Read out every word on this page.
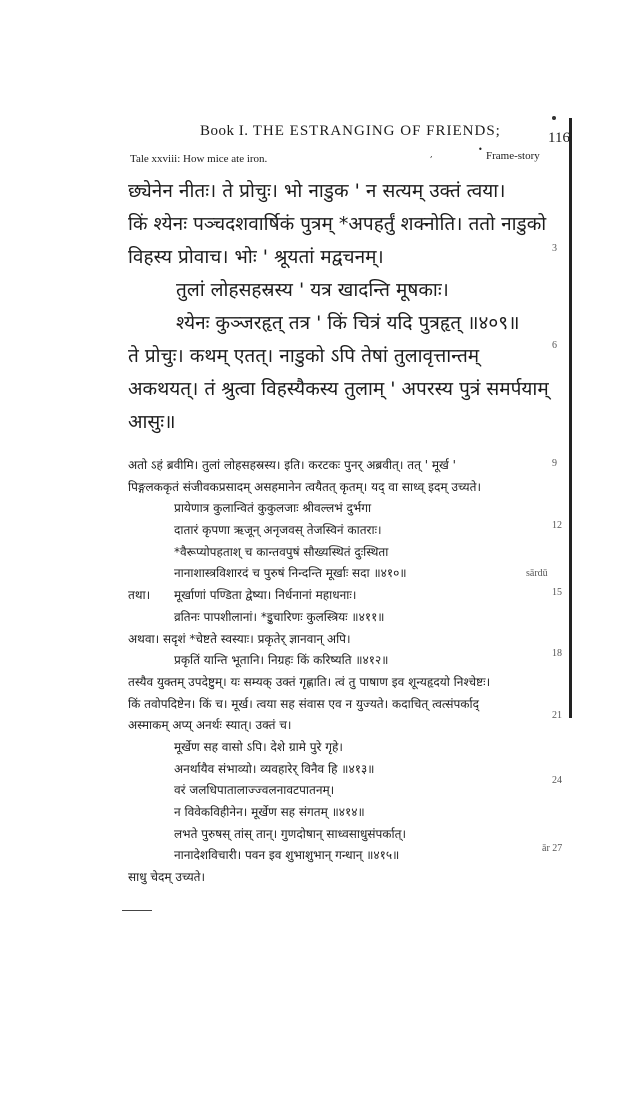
Book I. THE ESTRANGING OF FRIENDS;	116
Tale xxviii: How mice ate iron.	,
•
Frame-story
छ्येनेन नीतः। ते प्रोचुः। भो नाडुक ' न सत्यम् उक्तं त्वया।
किं श्येनः पञ्चदशवार्षिकं पुत्रम् *अपहर्तुं शक्नोति। ततो नाडुको
विहस्य प्रोवाच। भोः ' श्रूयतां मद्वचनम्।
तुलां लोहसहस्रस्य ' यत्र खादन्ति मूषकाः।
श्येनः कुञ्जरहृत् तत्र ' किं चित्रं यदि पुत्रहृत् ॥४०९॥
ते प्रोचुः। कथम् एतत्। नाडुको ऽपि तेषां तुलावृत्तान्तम्
अकथयत्। तं श्रुत्वा विहस्यैकस्य तुलाम् ' अपरस्य पुत्रं समर्पयाम्
आसुः॥
3
6
अतो ऽहं ब्रवीमि। तुलां लोहसहस्रस्य। इति। करटकः पुनर् अब्रवीत्। तत् ' मूर्ख '
पिङ्गलककृतं संजीवकप्रसादम् असहमानेन त्वयैतत् कृतम्। यद् वा साध्व् इदम् उच्यते।
प्रायेणात्र कुलान्वितं कुकुलजाः श्रीवल्लभं दुर्भगा
दातारं कृपणा ऋजून् अनृजवस् तेजस्विनं कातराः।
*वैरूप्योपहताश् च कान्तवपुषं सौख्यस्थितं दुःस्थिता
नानाशास्त्रविशारदं च पुरुषं निन्दन्ति मूर्खाः सदा ॥४१०॥
तथा। मूर्खाणां पण्डिता द्वेष्या। निर्धनानां महाधनाः।
व्रतिनः पापशीलानां। *इुचारिणः कुलस्त्रियः ॥४११॥
अथवा। सदृशं *चेष्टते स्वस्याः। प्रकृतेर् ज्ञानवान् अपि।
प्रकृतिं यान्ति भूतानि। निग्रहः किं करिष्यति ॥४१२॥
तस्यैव युक्तम् उपदेष्टुम्। यः सम्यक् उक्तं गृह्णाति। त्वं तु पाषाण इव शून्यहृदयो निश्चेष्टः।
किं तवोपदिष्टेन। किं च। मूर्ख। त्वया सह संवास एव न युज्यते। कदाचित् त्वत्संपर्काद्
अस्माकम् अप्य् अनर्थः स्यात्। उक्तं च।
मूर्खेण सह वासो ऽपि। देशे ग्रामे पुरे गृहे।
अनर्थायैव संभाव्यो। व्यवहारेर् विनैव हि ॥४१३॥
वरं जलधिपातालाज्ज्वलनावटपातनम्।
न विवेकविहीनेन। मूर्खेण सह संगतम् ॥४१४॥
लभते पुरुषस् तांस् तान्। गुणदोषान् साध्वसाधुसंपर्कात्।
नानादेशविचारी। पवन इव शुभाशुभान् गन्धान् ॥४१५॥
साधु चेदम् उच्यते।
9
12
sārdū
15
18
21
24
ār 27
